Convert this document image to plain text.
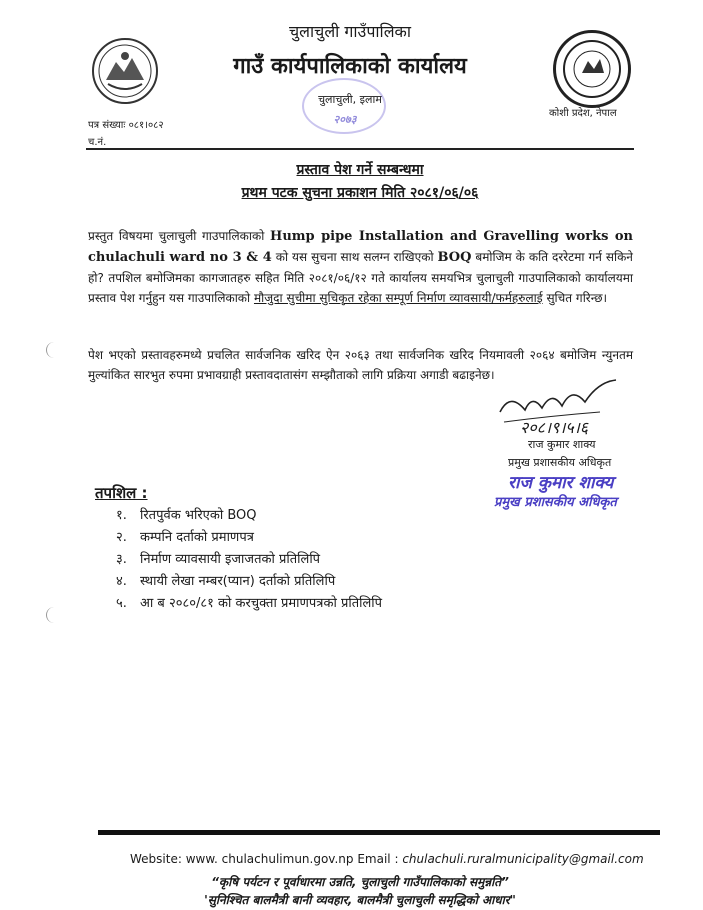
चुलाचुली गाउँपालिका
गाउँ कार्यपालिकाको कार्यालय
चुलाचुली, इलाम
२०७३	कोशी प्रदेश, नेपाल
पत्र संख्याः ०८१।०८२
च.नं.
प्रस्ताव पेश गर्ने सम्बन्धमा
प्रथम पटक सुचना प्रकाशन मिति २०८१/०६/०६
प्रस्तुत विषयमा चुलाचुली गाउपालिकाको Hump pipe Installation and Gravelling works on chulachuli ward no 3 & 4 को यस सुचना साथ सलग्न राखिएको BOQ बमोजिम के कति दररेटमा गर्न सकिने हो? तपशिल बमोजिमका कागजातहरु सहित मिति २०८१/०६/१२ गते कार्यालय समयभित्र चुलाचुली गाउपालिकाको कार्यालयमा प्रस्ताव पेश गर्नुहुन यस गाउपालिकाको मौजुदा सुचीमा सुचिकृत रहेका सम्पूर्ण निर्माण व्यावसायी/फर्महरुलाई सुचित गरिन्छ।
पेश भएको प्रस्तावहरुमध्ये प्रचलित सार्वजनिक खरिद ऐन २०६३ तथा सार्वजनिक खरिद नियमावली २०६४ बमोजिम न्युनतम मुल्यांकित सारभुत रुपमा प्रभावग्राही प्रस्तावदातासंग सम्झौताको लागि प्रक्रिया अगाडी बढाइनेछ।
२०८।९।५।६
राज कुमार शाक्य
प्रमुख प्रशासकीय अधिकृत
राज कुमार शाक्य
प्रमुख प्रशासकीय अधिकृत
तपशिल :
१. रितपुर्वक भरिएको BOQ
२. कम्पनि दर्ताको प्रमाणपत्र
३. निर्माण व्यावसायी इजाजतको प्रतिलिपि
४. स्थायी लेखा नम्बर(प्यान) दर्ताको प्रतिलिपि
५. आ ब २०८०/८१ को करचुक्ता प्रमाणपत्रको प्रतिलिपि
Website: www. chulachulimun.gov.np Email : chulachuli.ruralmunicipality@gmail.com
“कृषि पर्यटन र पूर्वाधारमा उन्नति, चुलाचुली गाउँपालिकाको समुन्नति”
'सुनिश्चित बालमैत्री बानी व्यवहार, बालमैत्री चुलाचुली समृद्धिको आधार"
